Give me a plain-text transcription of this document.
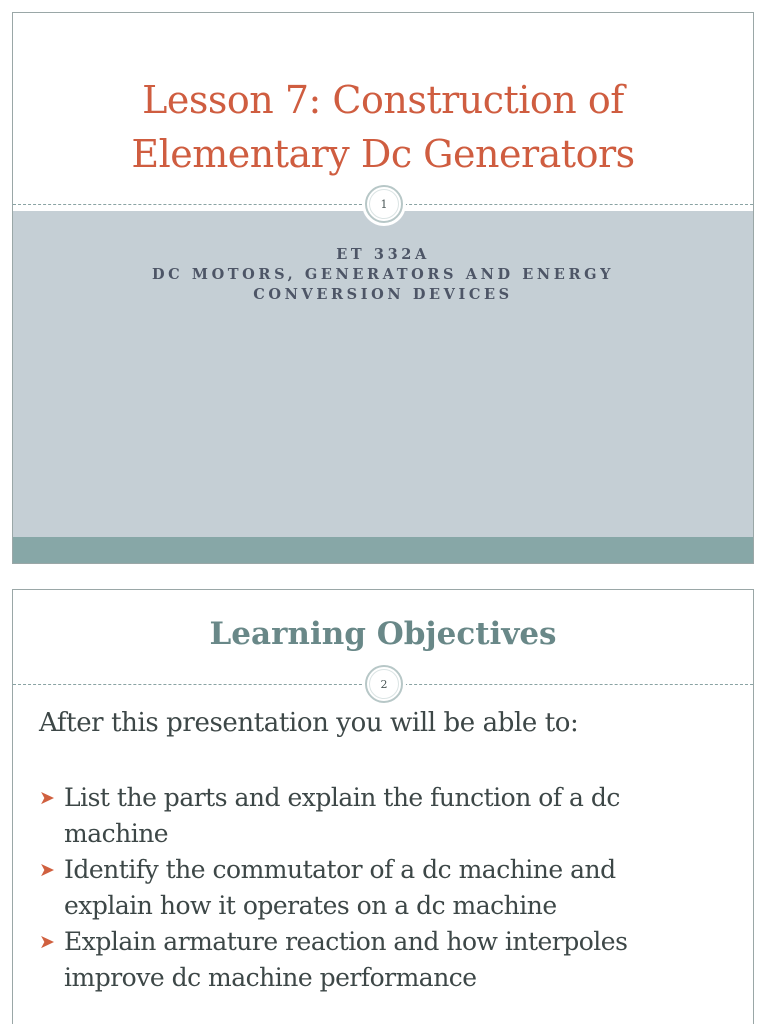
Lesson 7: Construction of
Elementary Dc Generators
1
ET 332A
DC MOTORS, GENERATORS AND ENERGY
CONVERSION DEVICES
Learning Objectives
2
After this presentation you will be able to:
➤ List the parts and explain the function of a dc
machine
➤ Identify the commutator of a dc machine and
explain how it operates on a dc machine
➤ Explain armature reaction and how interpoles
improve dc machine performance
